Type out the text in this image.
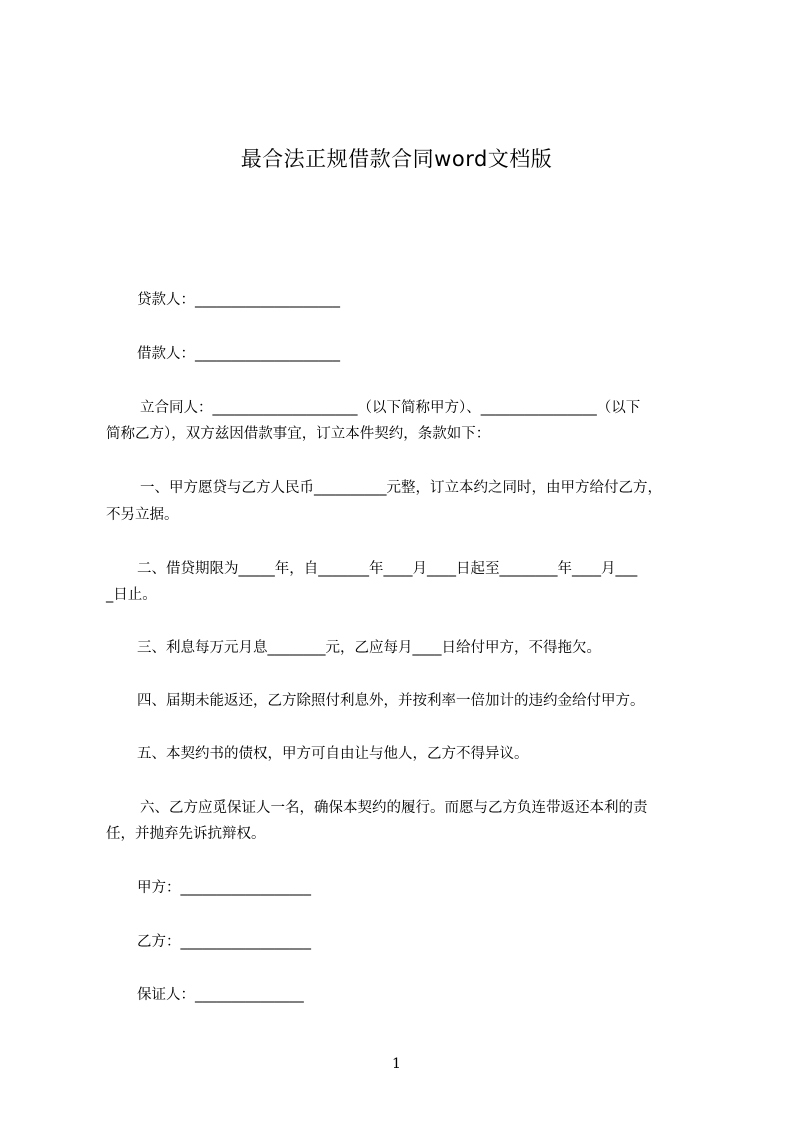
最合法正规借款合同word文档版
贷款人：____________________
借款人：____________________
立合同人：____________________（以下简称甲方）、________________（以下
简称乙方），双方兹因借款事宜，订立本件契约，条款如下：
一、甲方愿贷与乙方人民币__________元整，订立本约之同时，由甲方给付乙方，
不另立据。
二、借贷期限为_____年，自_______年____月____日起至________年____月___
_日止。
三、利息每万元月息________元，乙应每月____日给付甲方，不得拖欠。
四、届期未能返还，乙方除照付利息外，并按利率一倍加计的违约金给付甲方。
五、本契约书的债权，甲方可自由让与他人，乙方不得异议。
六、乙方应觅保证人一名，确保本契约的履行。而愿与乙方负连带返还本利的责
任，并抛弃先诉抗辩权。
甲方：__________________
乙方：__________________
保证人：_______________
1
